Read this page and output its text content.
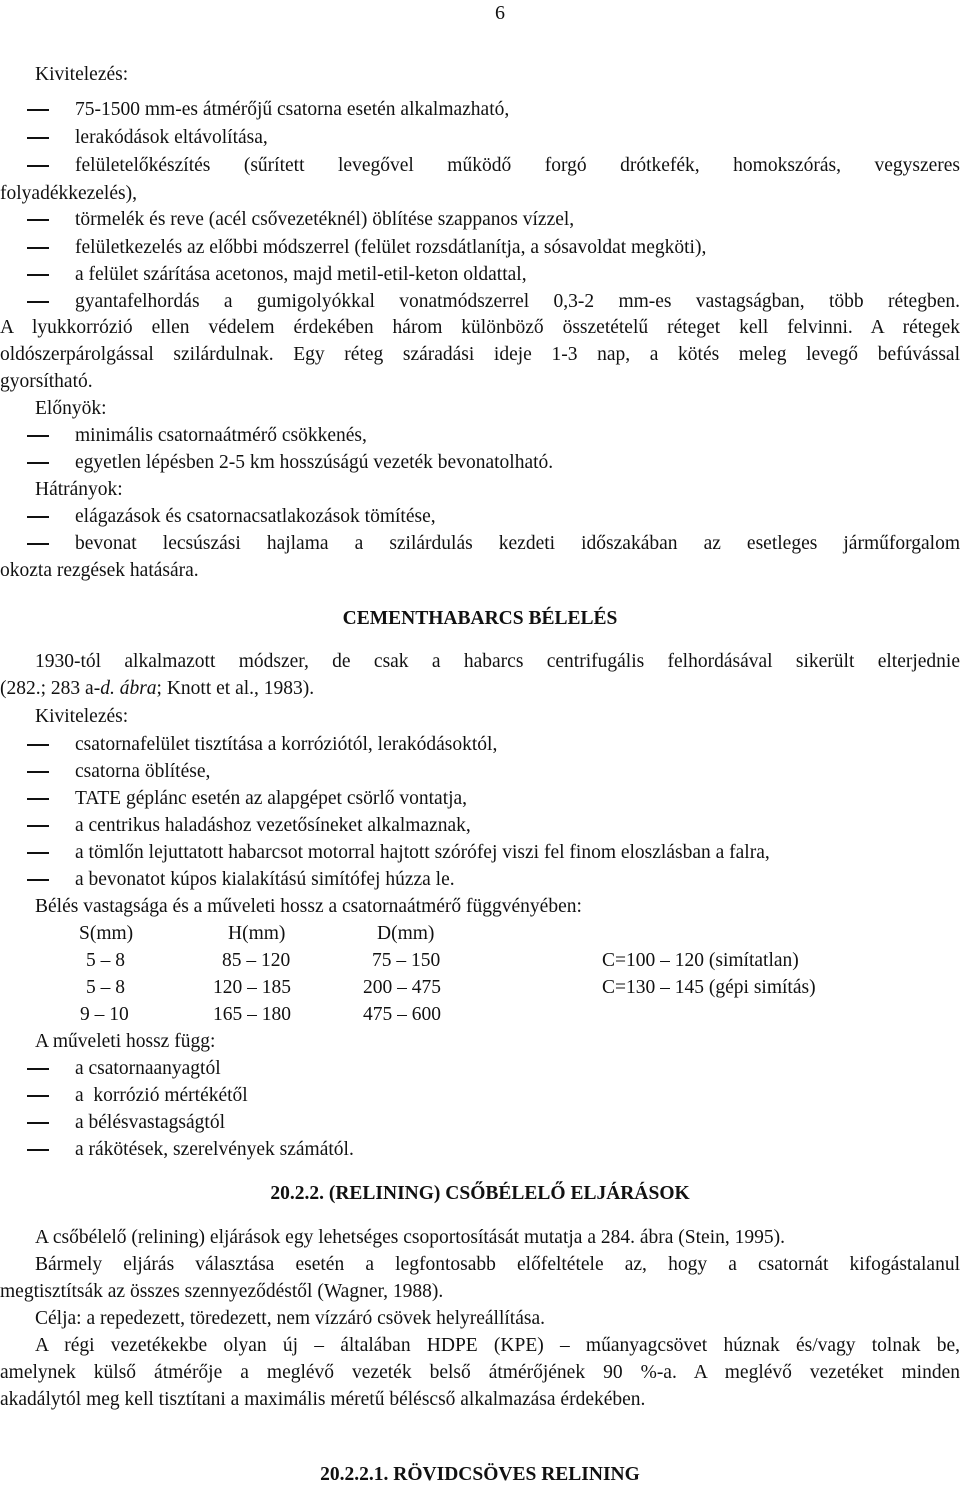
6
Kivitelezés:
75-1500 mm-es átmérőjű csatorna esetén alkalmazható,
lerakódások eltávolítása,
felületelőkészítés (sűrített levegővel működő forgó drótkefék, homokszórás, vegyszeres
folyadékkezelés),
törmelék és reve (acél csővezetéknél) öblítése szappanos vízzel,
felületkezelés az előbbi módszerrel (felület rozsdátlanítja, a sósavoldat megköti),
a felület szárítása acetonos, majd metil-etil-keton oldattal,
gyantafelhordás a gumigolyókkal vonatmódszerrel 0,3-2 mm-es vastagságban, több rétegben.
A lyukkorrózió ellen védelem érdekében három különböző összetételű réteget kell felvinni. A rétegek
oldószerpárolgással szilárdulnak. Egy réteg száradási ideje 1-3 nap, a kötés meleg levegő befúvással
gyorsítható.
Előnyök:
minimális csatornaátmérő csökkenés,
egyetlen lépésben 2-5 km hosszúságú vezeték bevonatolható.
Hátrányok:
elágazások és csatornacsatlakozások tömítése,
bevonat lecsúszási hajlama a szilárdulás kezdeti időszakában az esetleges járműforgalom
okozta rezgések hatására.
CEMENTHABARCS BÉLELÉS
1930-tól alkalmazott módszer, de csak a habarcs centrifugális felhordásával sikerült elterjednie
(282.; 283 a-d. ábra; Knott et al., 1983).
Kivitelezés:
csatornafelület tisztítása a korróziótól, lerakódásoktól,
csatorna öblítése,
TATE géplánc esetén az alapgépet csörlő vontatja,
a centrikus haladáshoz vezetősíneket alkalmaznak,
a tömlőn lejuttatott habarcsot motorral hajtott szórófej viszi fel finom eloszlásban a falra,
a bevonatot kúpos kialakítású simítófej húzza le.
Bélés vastagsága és a műveleti hossz a csatornaátmérő függvényében:
S(mm)	H(mm)	D(mm)
5 – 8	85 – 120	75 – 150	C=100 – 120 (simítatlan)
5 – 8	120 – 185	200 – 475	C=130 – 145 (gépi simítás)
9 – 10	165 – 180	475 – 600
A műveleti hossz függ:
a csatornaanyagtól
a  korrózió mértékétől
a bélésvastagságtól
a rákötések, szerelvények számától.
20.2.2. (RELINING) CSŐBÉLELŐ ELJÁRÁSOK
A csőbélelő (relining) eljárások egy lehetséges csoportosítását mutatja a 284. ábra (Stein, 1995).
Bármely eljárás választása esetén a legfontosabb előfeltétele az, hogy a csatornát kifogástalanul
megtisztítsák az összes szennyeződéstől (Wagner, 1988).
Célja: a repedezett, töredezett, nem vízzáró csövek helyreállítása.
A régi vezetékekbe olyan új – általában HDPE (KPE) – műanyagcsövet húznak és/vagy tolnak be,
amelynek külső átmérője a meglévő vezeték belső átmérőjének 90 %-a. A meglévő vezetéket minden
akadálytól meg kell tisztítani a maximális méretű béléscső alkalmazása érdekében.
20.2.2.1. RÖVIDCSÖVES RELINING
